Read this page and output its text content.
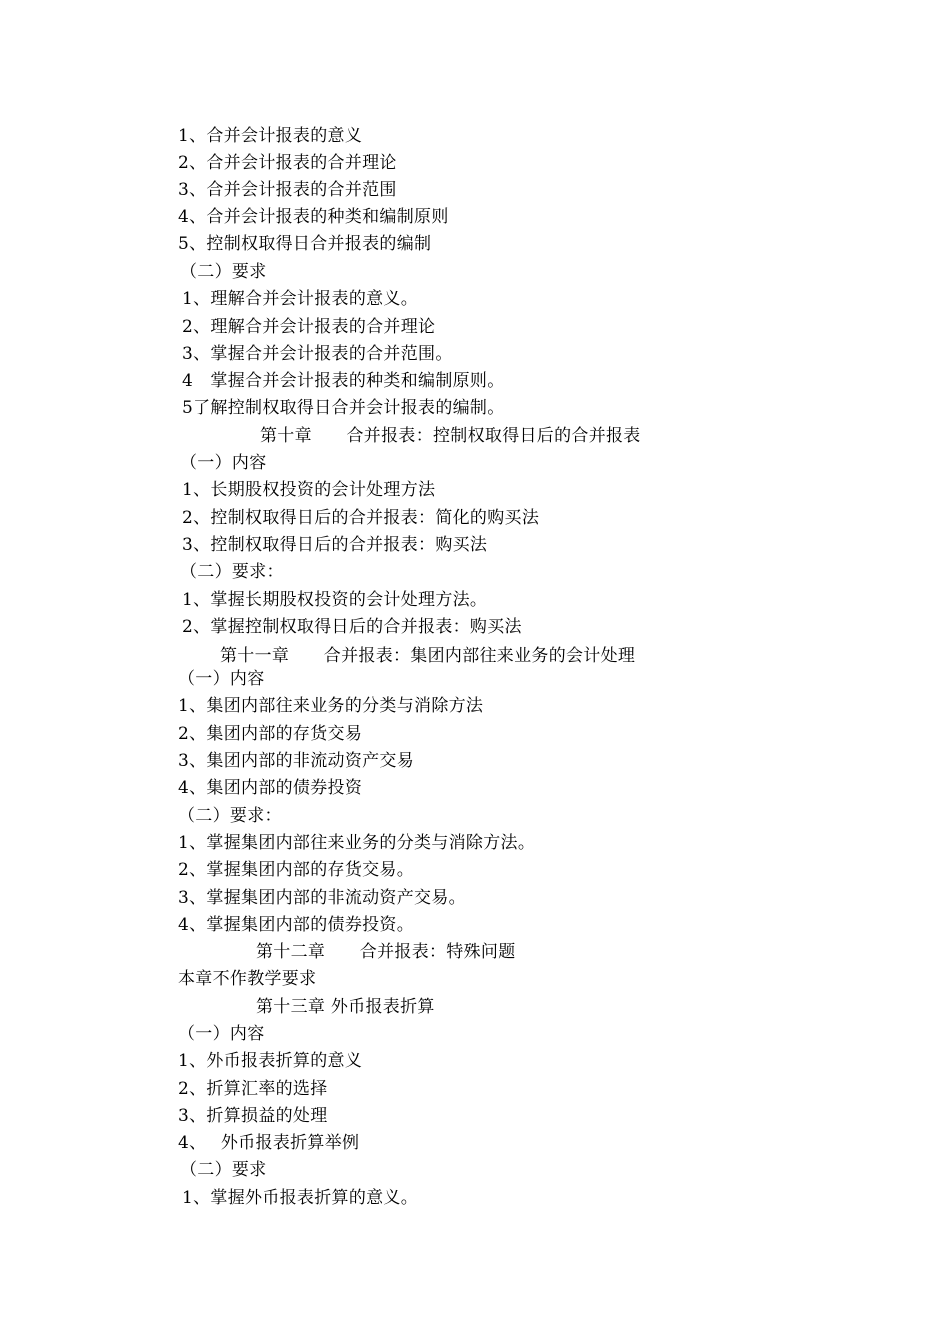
1、合并会计报表的意义
2、合并会计报表的合并理论
3、合并会计报表的合并范围
4、合并会计报表的种类和编制原则
5、控制权取得日合并报表的编制
（二）要求
1、理解合并会计报表的意义。
2、理解合并会计报表的合并理论
3、掌握合并会计报表的合并范围。
4　掌握合并会计报表的种类和编制原则。
5了解控制权取得日合并会计报表的编制。
第十章　　合并报表：控制权取得日后的合并报表
（一）内容
1、长期股权投资的会计处理方法
2、控制权取得日后的合并报表：简化的购买法
3、控制权取得日后的合并报表：购买法
（二）要求：
1、掌握长期股权投资的会计处理方法。
2、掌握控制权取得日后的合并报表：购买法
第十一章　　合并报表：集团内部往来业务的会计处理
（一）内容
1、集团内部往来业务的分类与消除方法
2、集团内部的存货交易
3、集团内部的非流动资产交易
4、集团内部的债券投资
（二）要求：
1、掌握集团内部往来业务的分类与消除方法。
2、掌握集团内部的存货交易。
3、掌握集团内部的非流动资产交易。
4、掌握集团内部的债券投资。
第十二章　　合并报表：特殊问题
本章不作教学要求
第十三章 外币报表折算
（一）内容
1、外币报表折算的意义
2、折算汇率的选择
3、折算损益的处理
4、　 外币报表折算举例
（二）要求
1、掌握外币报表折算的意义。
